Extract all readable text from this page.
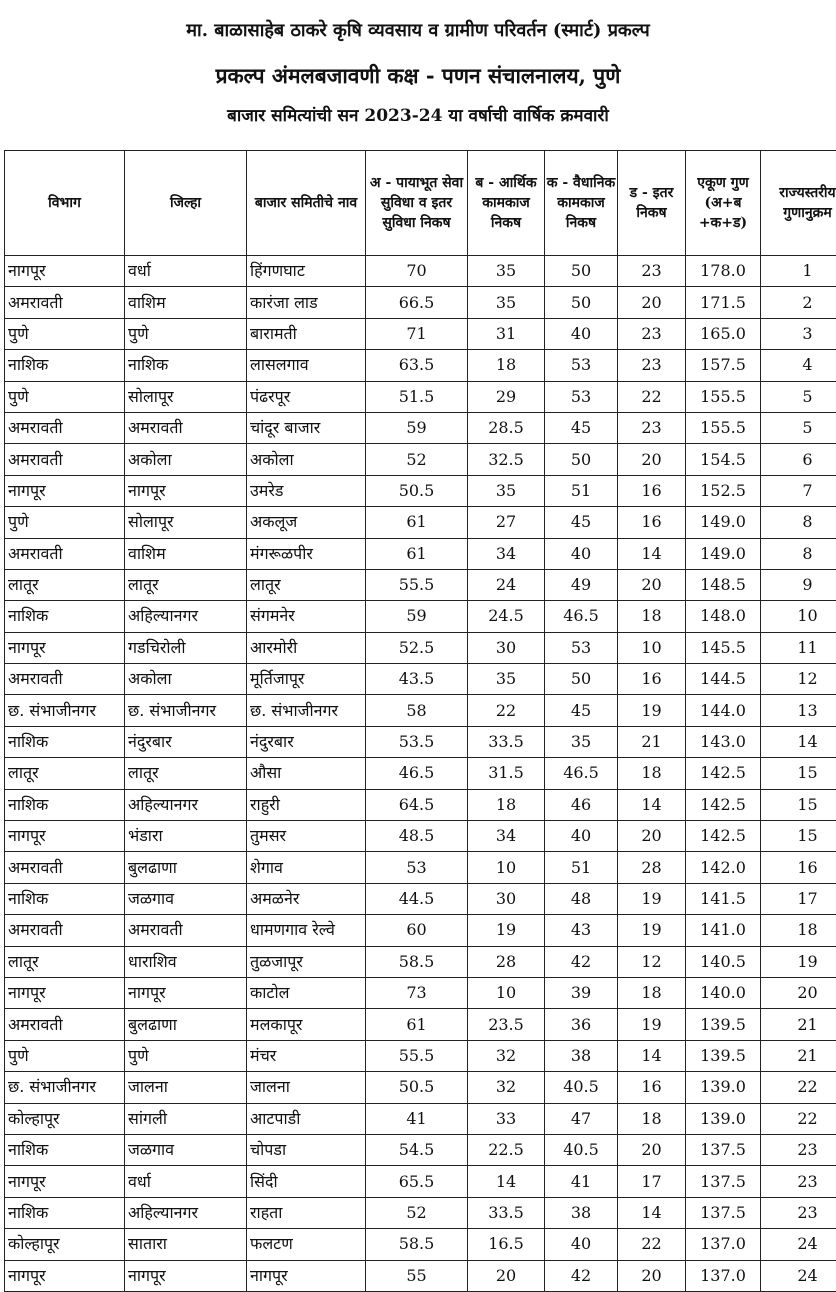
मा. बाळासाहेब ठाकरे कृषि व्यवसाय व ग्रामीण परिवर्तन (स्मार्ट) प्रकल्प
प्रकल्प अंमलबजावणी कक्ष - पणन संचालनालय, पुणे
बाजार समित्यांची सन 2023-24 या वर्षाची वार्षिक क्रमवारी
विभाग	जिल्हा	बाजार समितीचे नाव	अ - पायाभूत सेवा सुविधा व इतर सुविधा निकष	ब - आर्थिक कामकाज निकष	क - वैधानिक कामकाज निकष	ड - इतर निकष	एकूण गुण (अ+ब +क+ड)	राज्यस्तरीय गुणानुक्रम
नागपूर	वर्धा	हिंगणघाट	70	35	50	23	178.0	1
अमरावती	वाशिम	कारंजा लाड	66.5	35	50	20	171.5	2
पुणे	पुणे	बारामती	71	31	40	23	165.0	3
नाशिक	नाशिक	लासलगाव	63.5	18	53	23	157.5	4
पुणे	सोलापूर	पंढरपूर	51.5	29	53	22	155.5	5
अमरावती	अमरावती	चांदूर बाजार	59	28.5	45	23	155.5	5
अमरावती	अकोला	अकोला	52	32.5	50	20	154.5	6
नागपूर	नागपूर	उमरेड	50.5	35	51	16	152.5	7
पुणे	सोलापूर	अकलूज	61	27	45	16	149.0	8
अमरावती	वाशिम	मंगरूळपीर	61	34	40	14	149.0	8
लातूर	लातूर	लातूर	55.5	24	49	20	148.5	9
नाशिक	अहिल्यानगर	संगमनेर	59	24.5	46.5	18	148.0	10
नागपूर	गडचिरोली	आरमोरी	52.5	30	53	10	145.5	11
अमरावती	अकोला	मूर्तिजापूर	43.5	35	50	16	144.5	12
छ. संभाजीनगर	छ. संभाजीनगर	छ. संभाजीनगर	58	22	45	19	144.0	13
नाशिक	नंदुरबार	नंदुरबार	53.5	33.5	35	21	143.0	14
लातूर	लातूर	औसा	46.5	31.5	46.5	18	142.5	15
नाशिक	अहिल्यानगर	राहुरी	64.5	18	46	14	142.5	15
नागपूर	भंडारा	तुमसर	48.5	34	40	20	142.5	15
अमरावती	बुलढाणा	शेगाव	53	10	51	28	142.0	16
नाशिक	जळगाव	अमळनेर	44.5	30	48	19	141.5	17
अमरावती	अमरावती	धामणगाव रेल्वे	60	19	43	19	141.0	18
लातूर	धाराशिव	तुळजापूर	58.5	28	42	12	140.5	19
नागपूर	नागपूर	काटोल	73	10	39	18	140.0	20
अमरावती	बुलढाणा	मलकापूर	61	23.5	36	19	139.5	21
पुणे	पुणे	मंचर	55.5	32	38	14	139.5	21
छ. संभाजीनगर	जालना	जालना	50.5	32	40.5	16	139.0	22
कोल्हापूर	सांगली	आटपाडी	41	33	47	18	139.0	22
नाशिक	जळगाव	चोपडा	54.5	22.5	40.5	20	137.5	23
नागपूर	वर्धा	सिंदी	65.5	14	41	17	137.5	23
नाशिक	अहिल्यानगर	राहता	52	33.5	38	14	137.5	23
कोल्हापूर	सातारा	फलटण	58.5	16.5	40	22	137.0	24
नागपूर	नागपूर	नागपूर	55	20	42	20	137.0	24
